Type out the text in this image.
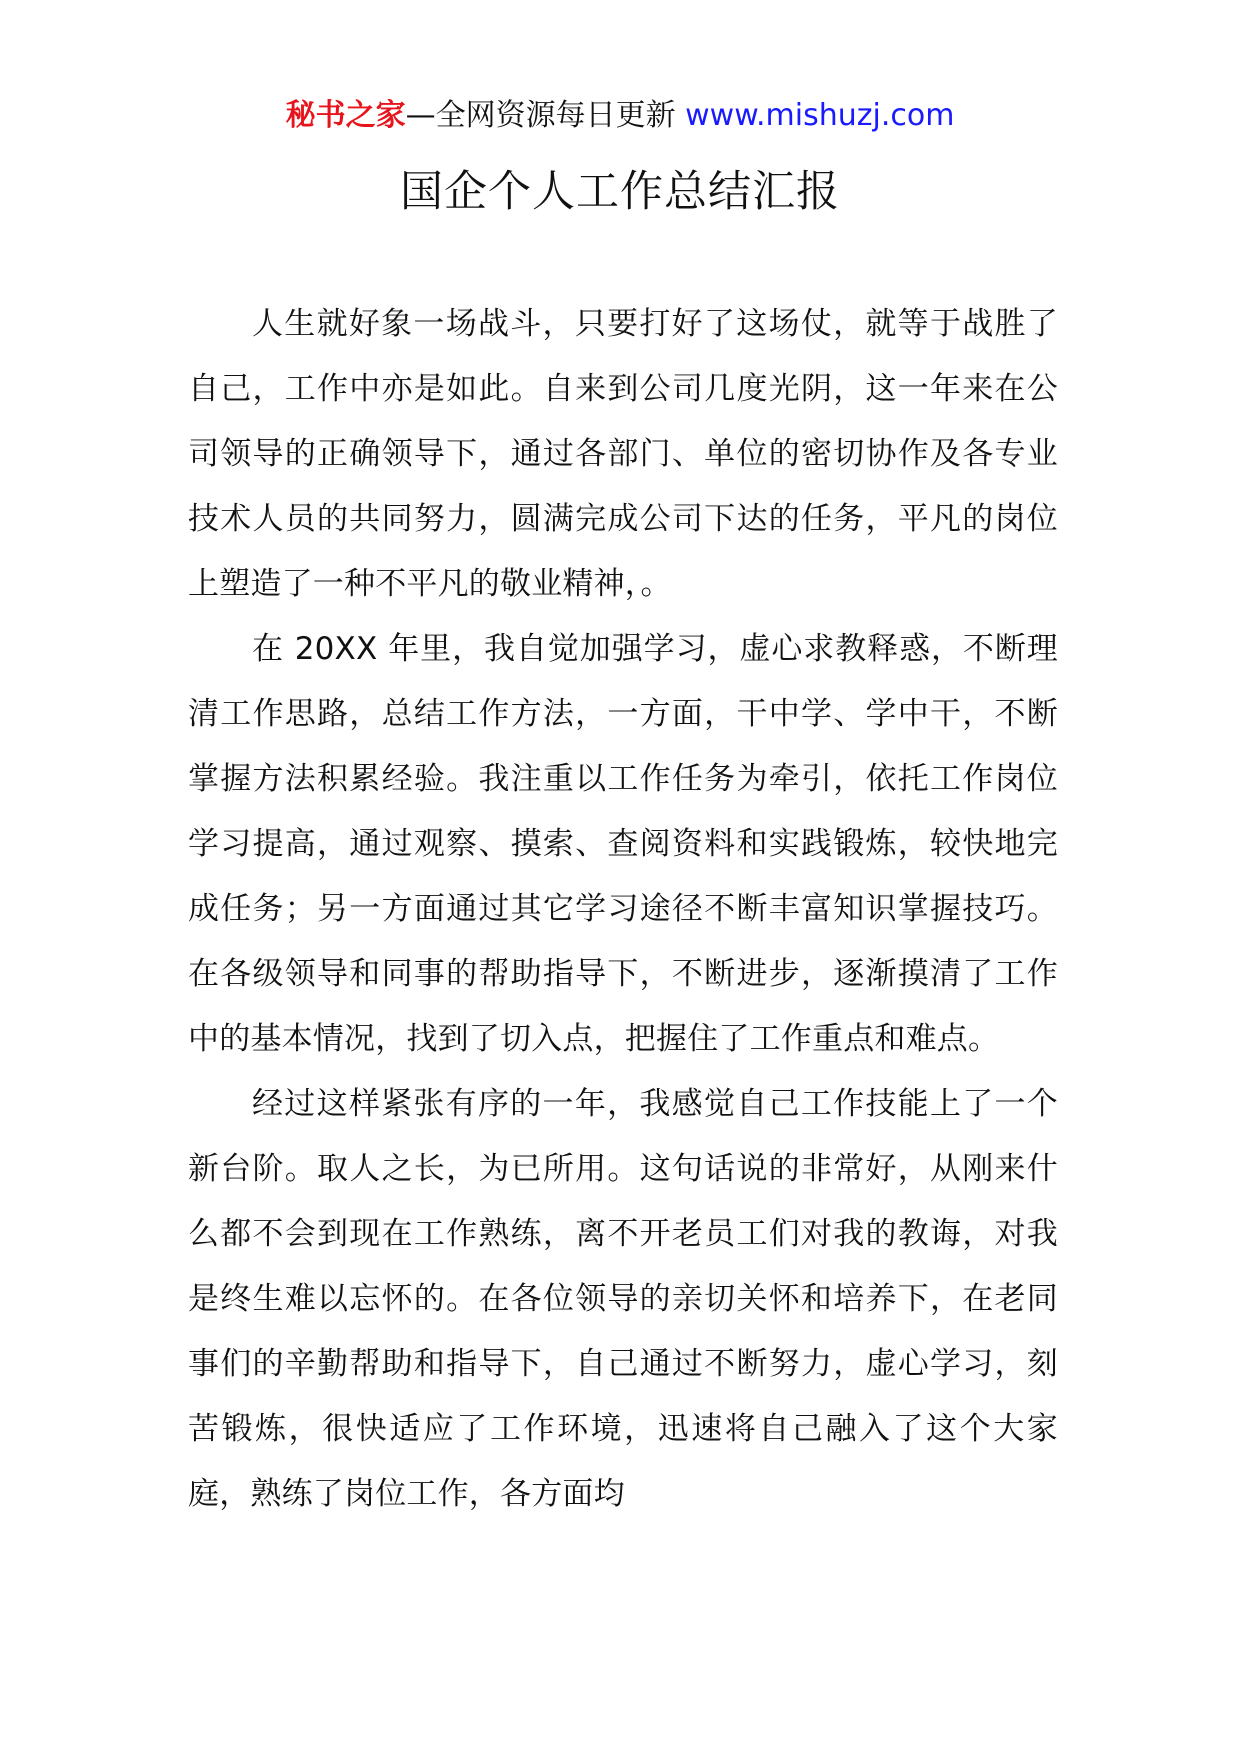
秘书之家—全网资源每日更新 www.mishuzj.com
国企个人工作总结汇报

人生就好象一场战斗，只要打好了这场仗，就等于战胜了自己，工作中亦是如此。自来到公司几度光阴，这一年来在公司领导的正确领导下，通过各部门、单位的密切协作及各专业技术人员的共同努力，圆满完成公司下达的任务，平凡的岗位上塑造了一种不平凡的敬业精神，。

在 20XX 年里，我自觉加强学习，虚心求教释惑，不断理清工作思路，总结工作方法，一方面，干中学、学中干，不断掌握方法积累经验。我注重以工作任务为牵引，依托工作岗位学习提高，通过观察、摸索、查阅资料和实践锻炼，较快地完成任务；另一方面通过其它学习途径不断丰富知识掌握技巧。在各级领导和同事的帮助指导下，不断进步，逐渐摸清了工作中的基本情况，找到了切入点，把握住了工作重点和难点。

经过这样紧张有序的一年，我感觉自己工作技能上了一个新台阶。取人之长，为已所用。这句话说的非常好，从刚来什么都不会到现在工作熟练，离不开老员工们对我的教诲，对我是终生难以忘怀的。在各位领导的亲切关怀和培养下，在老同事们的辛勤帮助和指导下，自己通过不断努力，虚心学习，刻苦锻炼，很快适应了工作环境，迅速将自己融入了这个大家庭，熟练了岗位工作，各方面均
